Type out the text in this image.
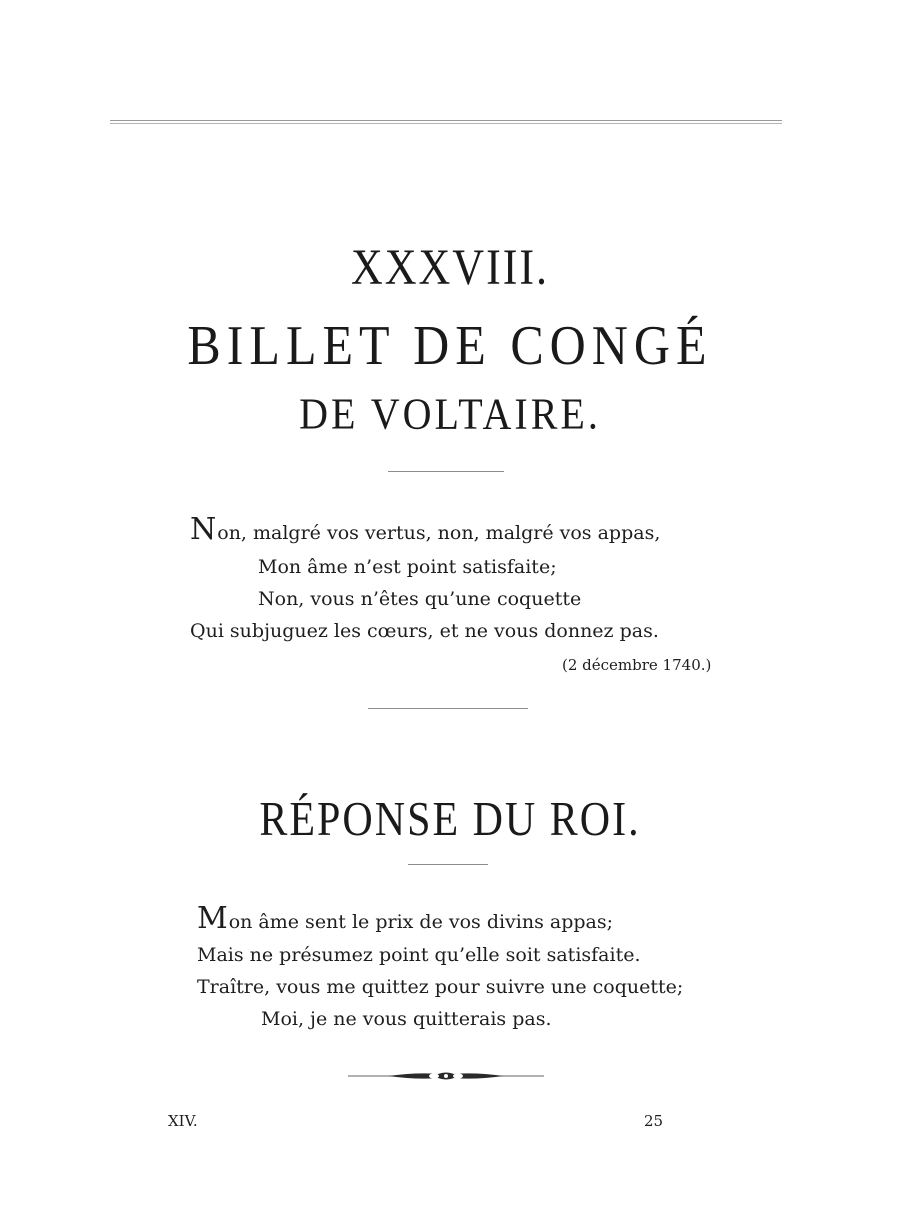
XXXVIII.
BILLET DE CONGÉ
DE VOLTAIRE.
Non, malgré vos vertus, non, malgré vos appas,
Mon âme n’est point satisfaite;
Non, vous n’êtes qu’une coquette
Qui subjuguez les cœurs, et ne vous donnez pas.
(2 décembre 1740.)
RÉPONSE DU ROI.
Mon âme sent le prix de vos divins appas;
Mais ne présumez point qu’elle soit satisfaite.
Traître, vous me quittez pour suivre une coquette;
Moi, je ne vous quitterais pas.
XIV.	25
